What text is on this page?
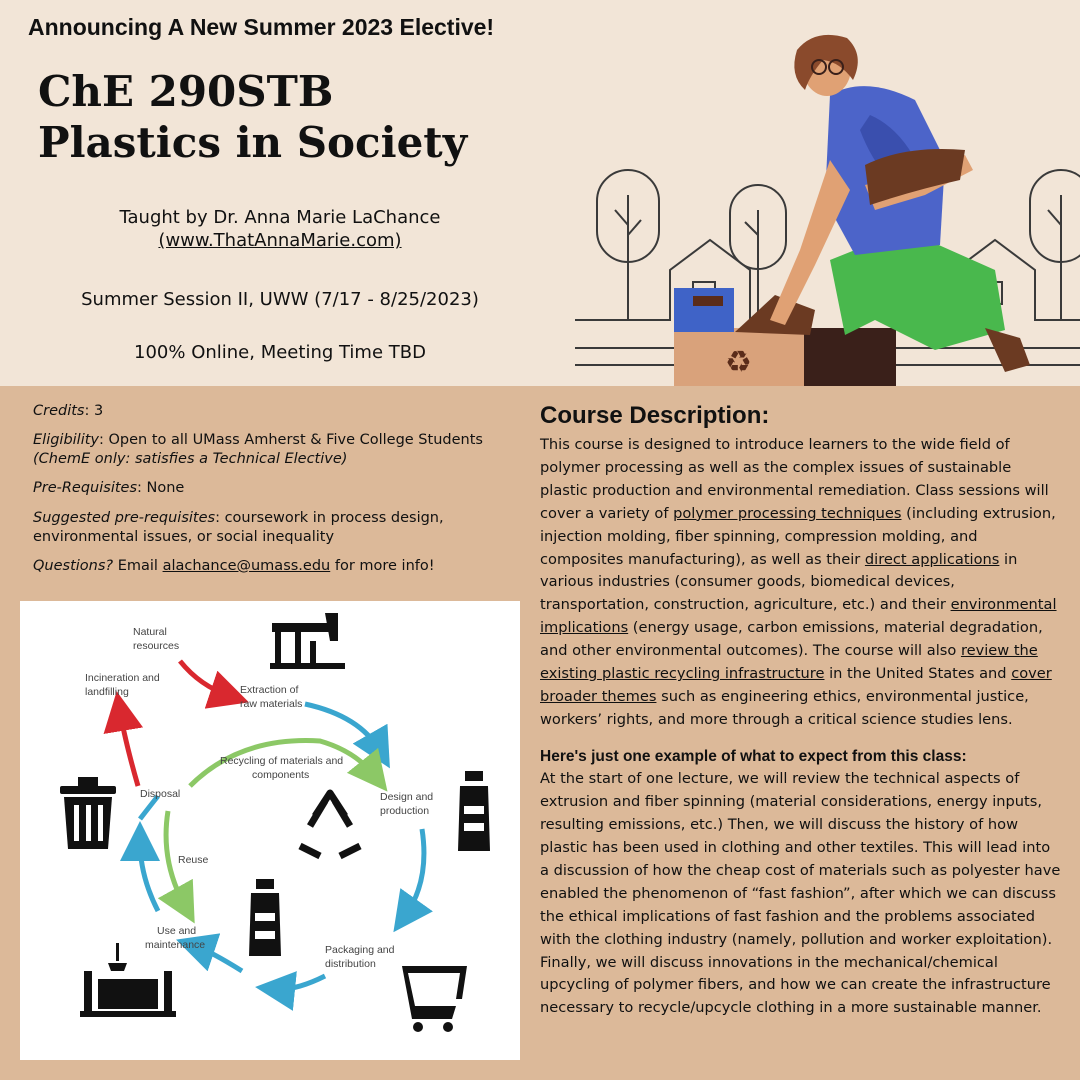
Announcing A New Summer 2023 Elective!

ChE 290STB
Plastics in Society

Taught by Dr. Anna Marie LaChance
(www.ThatAnnaMarie.com)

Summer Session II, UWW (7/17 - 8/25/2023)

100% Online, Meeting Time TBD	♻

Credits: 3

Eligibility: Open to all UMass Amherst & Five College Students
(ChemE only: satisfies a Technical Elective)

Pre-Requisites: None

Suggested pre-requisites: coursework in process design, environmental issues, or social inequality

Questions? Email alachance@umass.edu for more info!

Natural resources
Extraction of raw materials
Design and production
Packaging and distribution
Use and maintenance
Disposal
Reuse
Recycling of materials and components
Incineration and landfilling
Course Description:

This course is designed to introduce learners to the wide field of polymer processing as well as the complex issues of sustainable plastic production and environmental remediation. Class sessions will cover a variety of polymer processing techniques (including extrusion, injection molding, fiber spinning, compression molding, and composites manufacturing), as well as their direct applications in various industries (consumer goods, biomedical devices, transportation, construction, agriculture, etc.) and their environmental implications (energy usage, carbon emissions, material degradation, and other environmental outcomes). The course will also review the existing plastic recycling infrastructure in the United States and cover broader themes such as engineering ethics, environmental justice, workers’ rights, and more through a critical science studies lens.

Here's just one example of what to expect from this class:

At the start of one lecture, we will review the technical aspects of extrusion and fiber spinning (material considerations, energy inputs, resulting emissions, etc.) Then, we will discuss the history of how plastic has been used in clothing and other textiles. This will lead into a discussion of how the cheap cost of materials such as polyester have enabled the phenomenon of “fast fashion”, after which we can discuss the ethical implications of fast fashion and the problems associated with the clothing industry (namely, pollution and worker exploitation). Finally, we will discuss innovations in the mechanical/chemical upcycling of polymer fibers, and how we can create the infrastructure necessary to recycle/upcycle clothing in a more sustainable manner.
